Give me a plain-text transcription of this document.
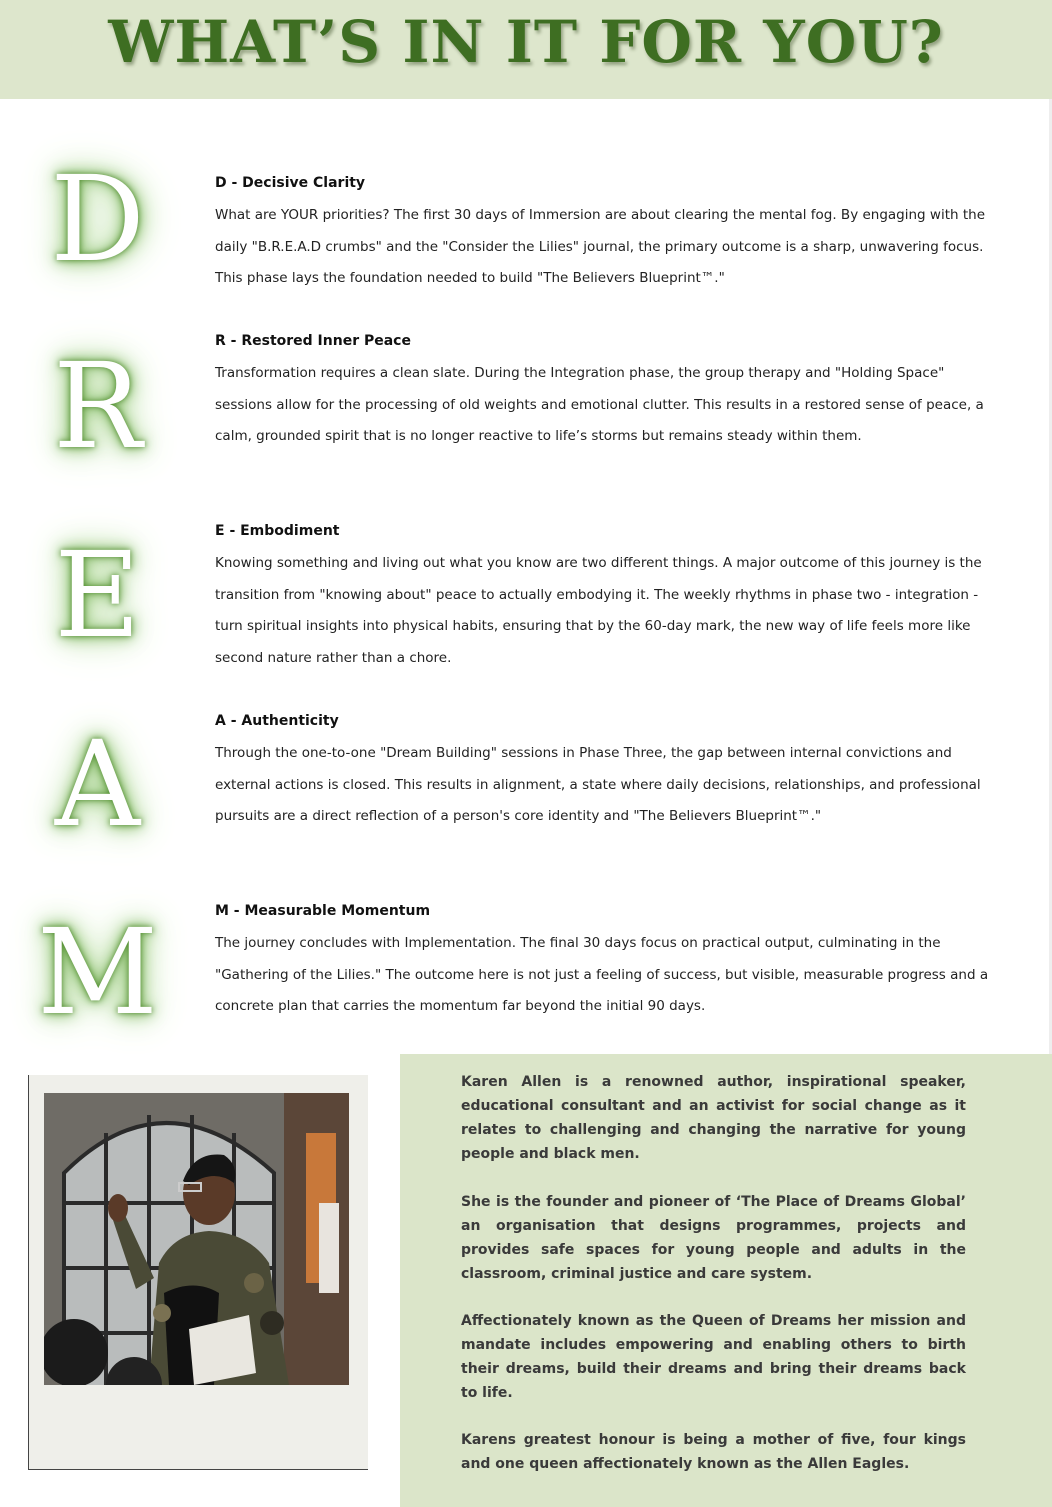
WHAT’S IN IT FOR YOU?
D
R
E
A
M
D - Decisive Clarity

What are YOUR priorities? The first 30 days of Immersion are about clearing the mental fog. By engaging with the daily "B.R.E.A.D crumbs" and the "Consider the Lilies" journal, the primary outcome is a sharp, unwavering focus. This phase lays the foundation needed to build "The Believers Blueprint™."

R - Restored Inner Peace

Transformation requires a clean slate. During the Integration phase, the group therapy and "Holding Space" sessions allow for the processing of old weights and emotional clutter. This results in a restored sense of peace, a calm, grounded spirit that is no longer reactive to life’s storms but remains steady within them.

E - Embodiment

Knowing something and living out what you know are two different things. A major outcome of this journey is the transition from "knowing about" peace to actually embodying it. The weekly rhythms in phase two - integration - turn spiritual insights into physical habits, ensuring that by the 60-day mark, the new way of life feels more like second nature rather than a chore.

A - Authenticity

Through the one-to-one "Dream Building" sessions in Phase Three, the gap between internal convictions and external actions is closed. This results in alignment, a state where daily decisions, relationships, and professional pursuits are a direct reflection of a person's core identity and "The Believers Blueprint™."

M - Measurable Momentum

The journey concludes with Implementation. The final 30 days focus on practical output, culminating in the "Gathering of the Lilies." The outcome here is not just a feeling of success, but visible, measurable progress and a concrete plan that carries the momentum far beyond the initial 90 days.

Karen Allen is a renowned author, inspirational speaker, educational consultant and an activist for social change as it relates to challenging and changing the narrative for young people and black men.

She is the founder and pioneer of ‘The Place of Dreams Global’ an organisation that designs programmes, projects and provides safe spaces for young people and adults in the classroom, criminal justice and care system.

Affectionately known as the Queen of Dreams her mission and mandate includes empowering and enabling others to birth their dreams, build their dreams and bring their dreams back to life.

Karens greatest honour is being a mother of five, four kings and one queen affectionately known as the Allen Eagles.
